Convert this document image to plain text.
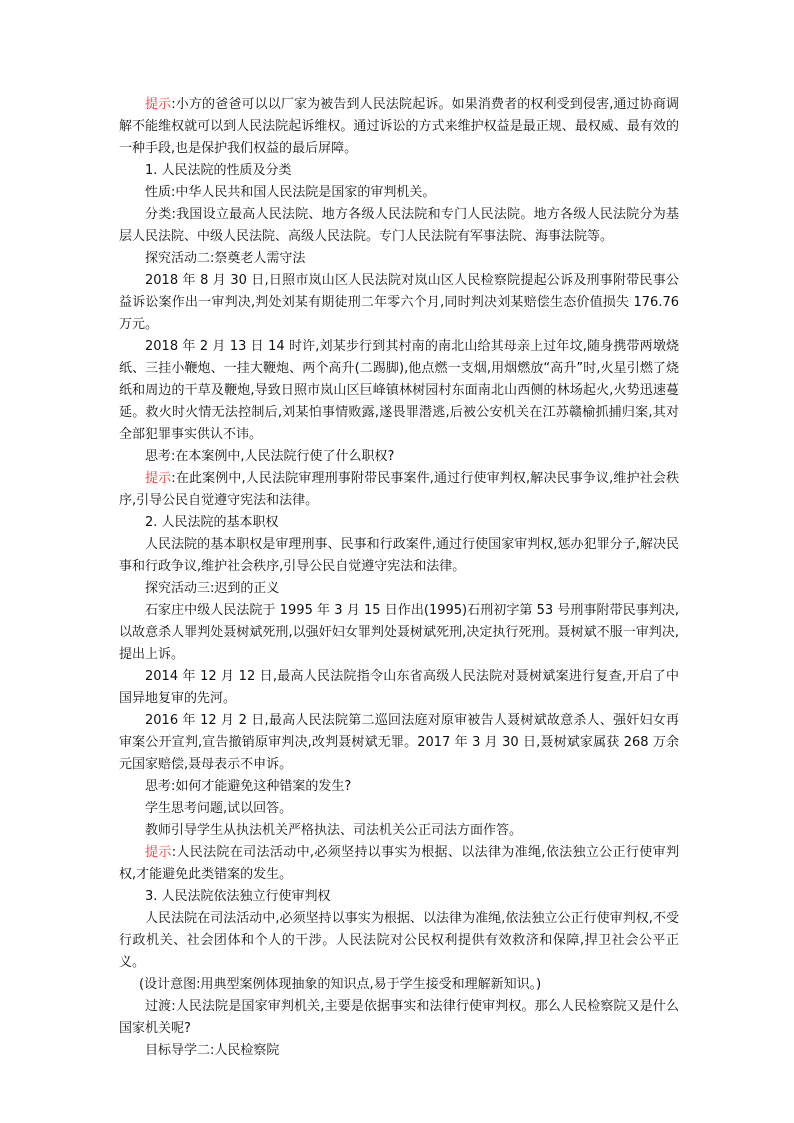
提示:小方的爸爸可以以厂家为被告到人民法院起诉。如果消费者的权利受到侵害,通过协商调解不能维权就可以到人民法院起诉维权。通过诉讼的方式来维护权益是最正规、最权威、最有效的一种手段,也是保护我们权益的最后屏障。

1. 人民法院的性质及分类

性质:中华人民共和国人民法院是国家的审判机关。

分类:我国设立最高人民法院、地方各级人民法院和专门人民法院。地方各级人民法院分为基层人民法院、中级人民法院、高级人民法院。专门人民法院有军事法院、海事法院等。

探究活动二:祭奠老人需守法

2018 年 8 月 30 日,日照市岚山区人民法院对岚山区人民检察院提起公诉及刑事附带民事公益诉讼案作出一审判决,判处刘某有期徒刑二年零六个月,同时判决刘某赔偿生态价值损失 176.76 万元。

2018 年 2 月 13 日 14 时许,刘某步行到其村南的南北山给其母亲上过年坟,随身携带两墩烧纸、三挂小鞭炮、一挂大鞭炮、两个高升(二踢脚),他点燃一支烟,用烟燃放“高升”时,火星引燃了烧纸和周边的干草及鞭炮,导致日照市岚山区巨峰镇林树园村东面南北山西侧的林场起火,火势迅速蔓延。救火时火情无法控制后,刘某怕事情败露,遂畏罪潜逃,后被公安机关在江苏赣榆抓捕归案,其对全部犯罪事实供认不讳。

思考:在本案例中,人民法院行使了什么职权?

提示:在此案例中,人民法院审理刑事附带民事案件,通过行使审判权,解决民事争议,维护社会秩序,引导公民自觉遵守宪法和法律。

2. 人民法院的基本职权

人民法院的基本职权是审理刑事、民事和行政案件,通过行使国家审判权,惩办犯罪分子,解决民事和行政争议,维护社会秩序,引导公民自觉遵守宪法和法律。

探究活动三:迟到的正义

石家庄中级人民法院于 1995 年 3 月 15 日作出(1995)石刑初字第 53 号刑事附带民事判决,以故意杀人罪判处聂树斌死刑,以强奸妇女罪判处聂树斌死刑,决定执行死刑。聂树斌不服一审判决,提出上诉。

2014 年 12 月 12 日,最高人民法院指令山东省高级人民法院对聂树斌案进行复查,开启了中国异地复审的先河。

2016 年 12 月 2 日,最高人民法院第二巡回法庭对原审被告人聂树斌故意杀人、强奸妇女再审案公开宣判,宣告撤销原审判决,改判聂树斌无罪。2017 年 3 月 30 日,聂树斌家属获 268 万余元国家赔偿,聂母表示不申诉。

思考:如何才能避免这种错案的发生?

学生思考问题,试以回答。

教师引导学生从执法机关严格执法、司法机关公正司法方面作答。

提示:人民法院在司法活动中,必须坚持以事实为根据、以法律为准绳,依法独立公正行使审判权,才能避免此类错案的发生。

3. 人民法院依法独立行使审判权

人民法院在司法活动中,必须坚持以事实为根据、以法律为准绳,依法独立公正行使审判权,不受行政机关、社会团体和个人的干涉。人民法院对公民权利提供有效救济和保障,捍卫社会公平正义。

(设计意图:用典型案例体现抽象的知识点,易于学生接受和理解新知识。)

过渡:人民法院是国家审判机关,主要是依据事实和法律行使审判权。那么人民检察院又是什么国家机关呢?

目标导学二:人民检察院
